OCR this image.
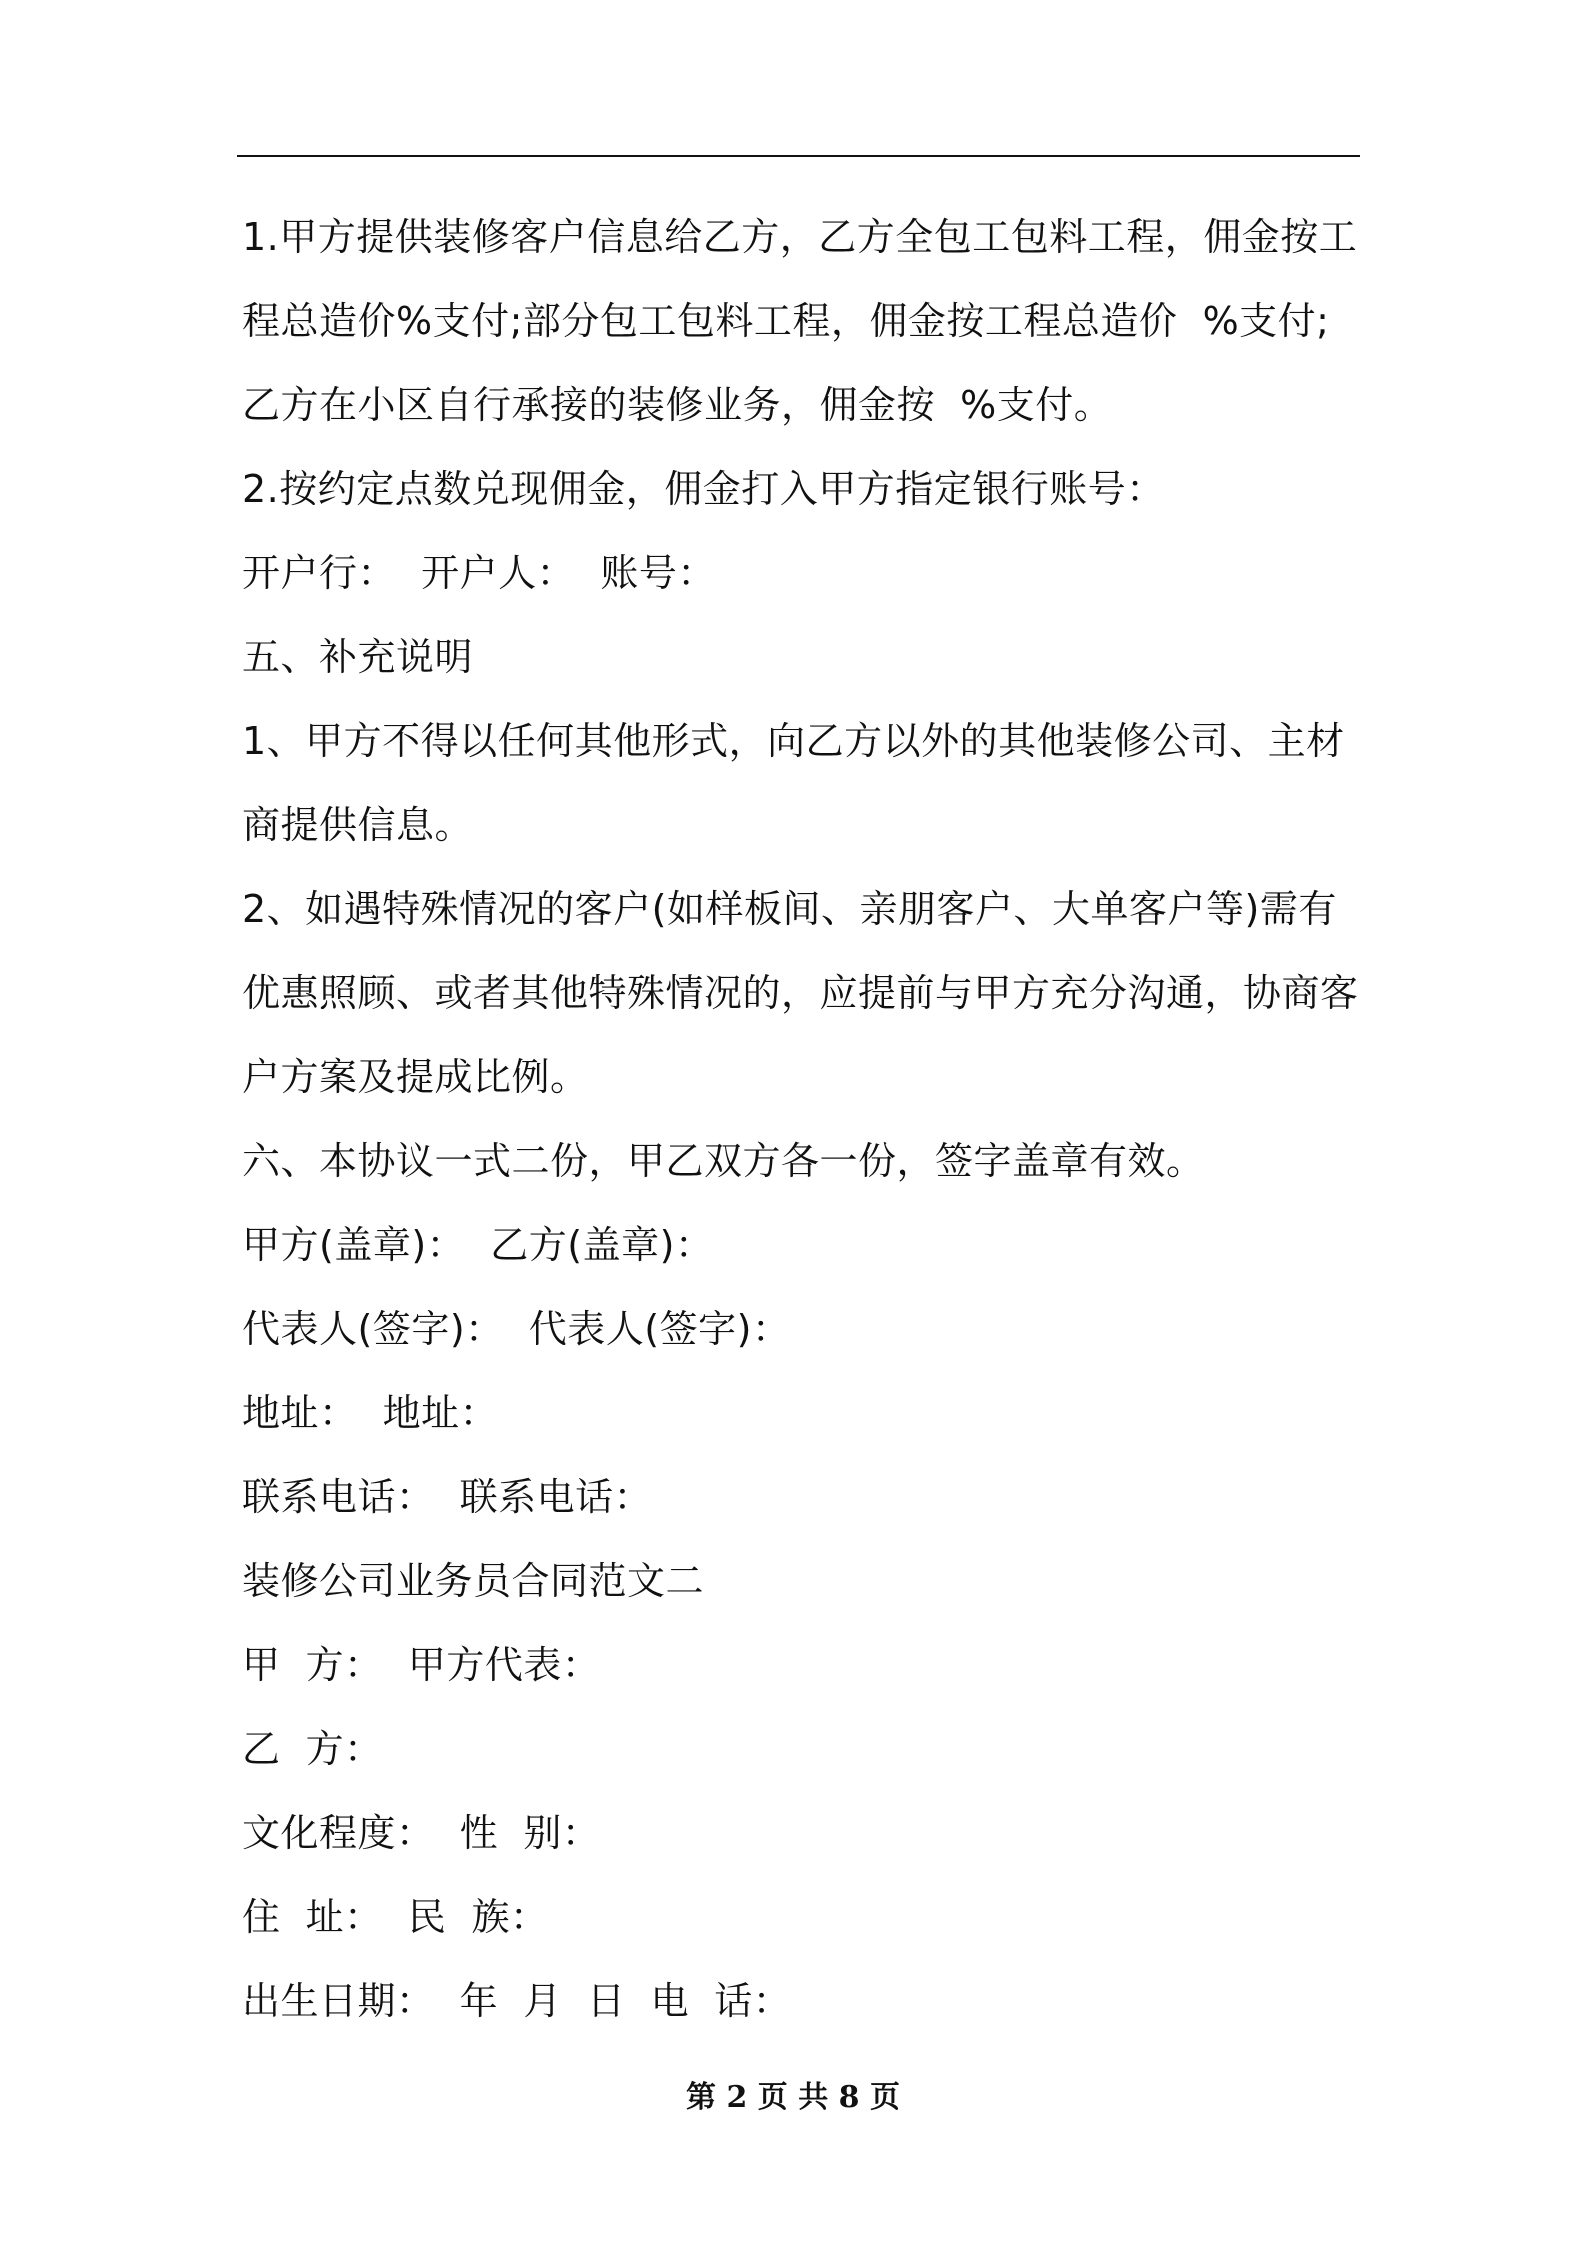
1.甲方提供装修客户信息给乙方，乙方全包工包料工程，佣金按工程总造价%支付;部分包工包料工程，佣金按工程总造价  %支付;乙方在小区自行承接的装修业务，佣金按  %支付。

2.按约定点数兑现佣金，佣金打入甲方指定银行账号：

开户行：  开户人：  账号：

五、补充说明

1、甲方不得以任何其他形式，向乙方以外的其他装修公司、主材商提供信息。

2、如遇特殊情况的客户(如样板间、亲朋客户、大单客户等)需有优惠照顾、或者其他特殊情况的，应提前与甲方充分沟通，协商客户方案及提成比例。

六、本协议一式二份，甲乙双方各一份，签字盖章有效。

甲方(盖章)：  乙方(盖章)：

代表人(签字)：  代表人(签字)：

地址：  地址：

联系电话：  联系电话：

装修公司业务员合同范文二

甲  方：  甲方代表：

乙  方：

文化程度：  性  别：

住  址：  民  族：

出生日期：  年  月  日  电  话：

第 2 页 共 8 页
